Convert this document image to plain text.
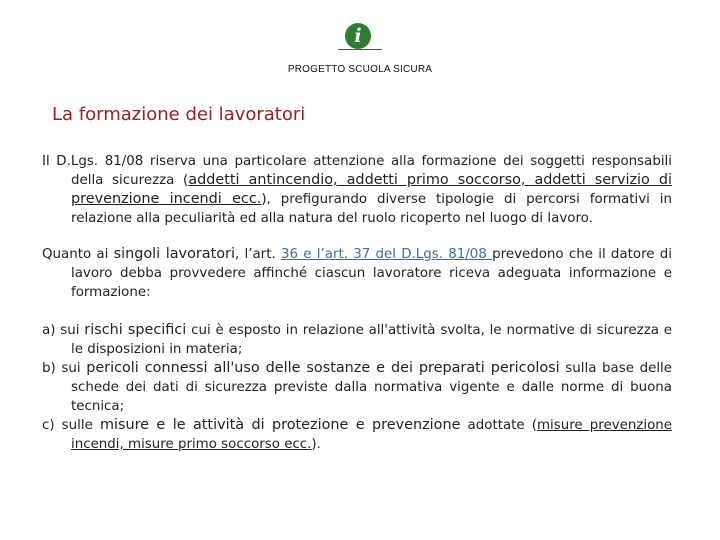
i
PROGETTO SCUOLA SICURA
La formazione dei lavoratori

Il D.Lgs. 81/08 riserva una particolare attenzione alla formazione dei soggetti responsabili della sicurezza (addetti antincendio, addetti primo soccorso, addetti servizio di prevenzione incendi ecc.), prefigurando diverse tipologie di percorsi formativi in relazione alla peculiarità ed alla natura del ruolo ricoperto nel luogo di lavoro.

Quanto ai singoli lavoratori, l’art. 36 e l’art. 37 del D.Lgs. 81/08 prevedono che il datore di lavoro debba provvedere affinché ciascun lavoratore riceva adeguata informazione e formazione:

a) sui rischi specifici cui è esposto in relazione all'attività svolta, le normative di sicurezza e le disposizioni in materia;

b) sui pericoli connessi all'uso delle sostanze e dei preparati pericolosi sulla base delle schede dei dati di sicurezza previste dalla normativa vigente e dalle norme di buona tecnica;

c) sulle misure e le attività di protezione e prevenzione adottate (misure prevenzione incendi, misure primo soccorso ecc.).
